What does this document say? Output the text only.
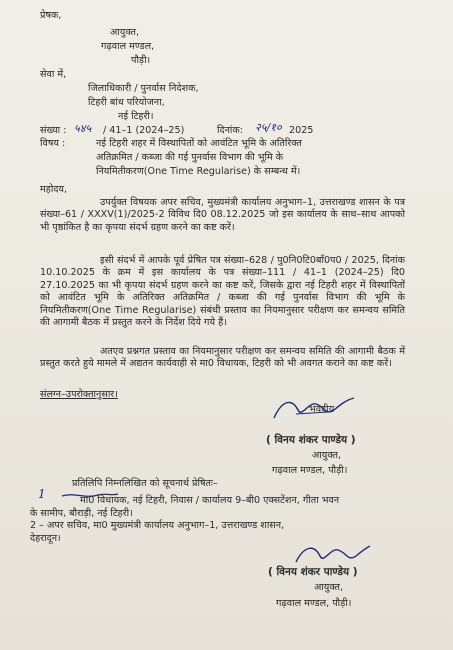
प्रेषक,
आयुक्त,
गढ़वाल मण्डल,
पौड़ी।
सेवा में,
जिलाधिकारी / पुनर्वास निदेशक,
टिहरी बांध परियोजना,
नई टिहरी।
संख्या : ५४५ / 41–1 (2024–25)	दिनांक: २५/१० 2025
विषय :	नई टिहरी शहर में विस्थापितों को आवंटित भूमि के अतिरिक्त
अतिक्रमित / कब्जा की गई पुनर्वास विभाग की भूमि के
नियमितीकरण(One Time Regularise) के सम्बन्ध में।
महोदय,
उपर्युक्त विषयक अपर सचिव, मुख्यमंत्री कार्यालय अनुभाग–1, उत्तराखण्ड शासन के पत्र संख्या–61 / XXXV(1)/2025-2 विविध दि0 08.12.2025 जो इस कार्यालय के साथ–साथ आपको भी पृष्ठांकित है का कृपया संदर्भ ग्रहण करने का कष्ट करें।
इसी संदर्भ में आपके पूर्व प्रेषित पत्र संख्या–628 / पु0नि0टि0बाँ0प0 / 2025, दिनांक 10.10.2025 के क्रम में इस कार्यालय के पत्र संख्या–111 / 41–1 (2024–25) दि0 27.10.2025 का भी कृपया संदर्भ ग्रहण करने का कष्ट करें, जिसके द्वारा नई टिहरी शहर में विस्थापितों को आवंटित भूमि के अतिरिक्त अतिक्रमित / कब्जा की गई पुनर्वास विभाग की भूमि के नियमितीकरण(One Time Regularise) संबंधी प्रस्ताव का नियमानुसार परीक्षण कर समन्वय समिति की आगामी बैठक में प्रस्तुत करने के निर्देश दिये गये हैं।
अतएव प्रश्नगत प्रस्ताव का नियमानुसार परीक्षण कर समन्वय समिति की आगामी बैठक में प्रस्तुत करते हुये मामले में अद्यतन कार्यवाही से मा0 विधायक, टिहरी को भी अवगत कराने का कष्ट करें।
संलग्न–उपरोक्तानुसार।
भवदीय
( विनय शंकर पाण्डेय )
आयुक्त,
गढ़वाल मण्डल, पौड़ी।
प्रतिलिपि निम्नलिखित को सूचनार्थ प्रेषितः–
1	मा0 विधायक, नई टिहरी, निवास / कार्यालय 9–बी0 एक्सटेंशन, गीता भवन
के सामीप, बौराड़ी, नई टिहरी।
2 – अपर सचिव, मा0 मुख्यमंत्री कार्यालय अनुभाग–1, उत्तराखण्ड शासन,
देहरादून।
( विनय शंकर पाण्डेय )
आयुक्त,
गढ़वाल मण्डल, पौड़ी।
